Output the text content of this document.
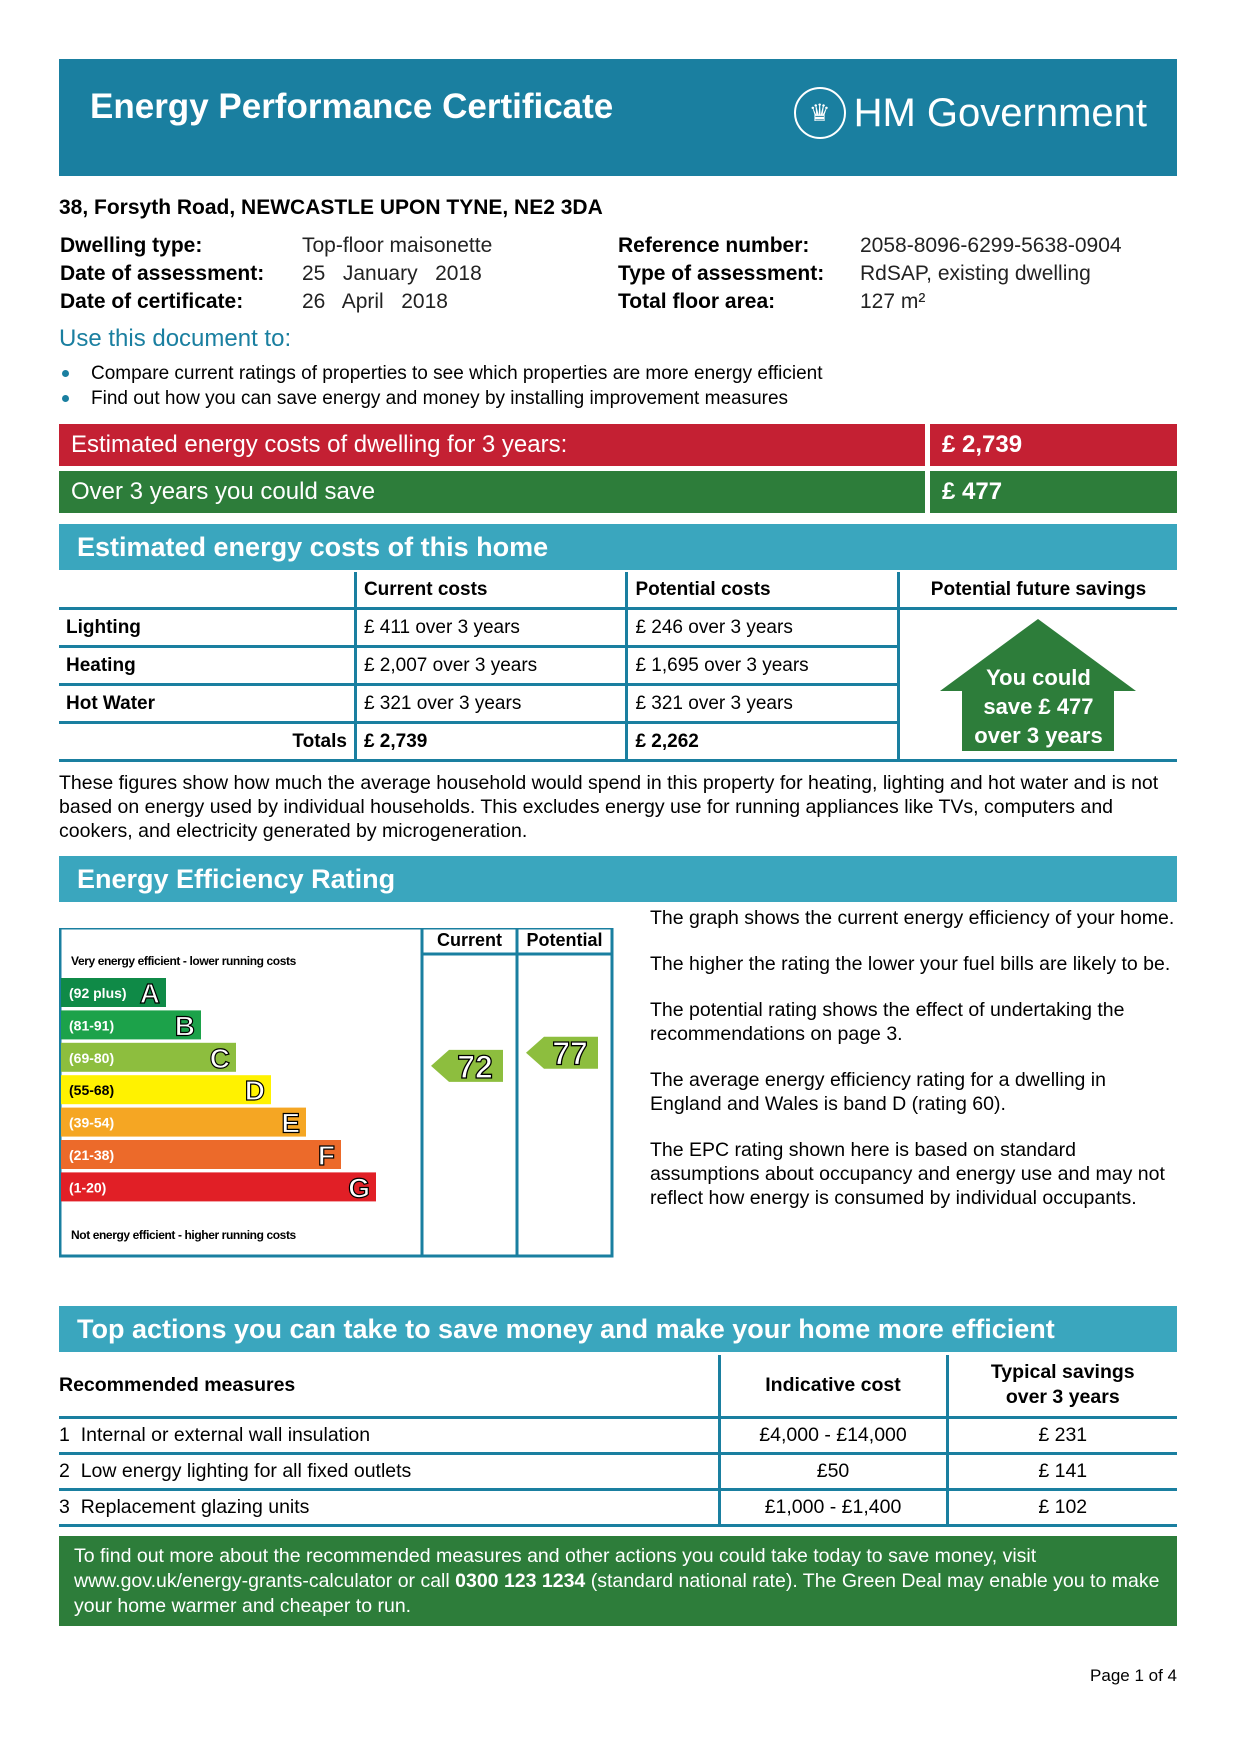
Energy Performance Certificate	♛ HM Government
38, Forsyth Road, NEWCASTLE UPON TYNE, NE2 3DA
Dwelling type:	Top-floor maisonette
Date of assessment: 25   January   2018
Date of certificate:	26   April   2018
Reference number: 2058-8096-6299-5638-0904
Type of assessment: RdSAP, existing dwelling
Total floor area:	127 m²
Use this document to:
Compare current ratings of properties to see which properties are more energy efficient
Find out how you can save energy and money by installing improvement measures
Estimated energy costs of dwelling for 3 years:	£ 2,739
Over 3 years you could save	£ 477
Estimated energy costs of this home
	Current costs	Potential costs	Potential future savings
Lighting	£ 411 over 3 years	£ 246 over 3 years	You could
save £ 477
over 3 years

Heating	£ 2,007 over 3 years	£ 1,695 over 3 years	
Hot Water	£ 321 over 3 years	£ 321 over 3 years	
Totals	£ 2,739	£ 2,262	
These figures show how much the average household would spend in this property for heating, lighting and hot water and is not based on energy used by individual households. This excludes energy use for running appliances like TVs, computers and cookers, and electricity generated by microgeneration.
Energy Efficiency Rating
(92 plus) A
(81-91) B
(69-80)	C
(55-68)	D
(39-54)	E
(21-38)	F
(1-20)	G
72 77
Current	Potential
Very energy efficient - lower running costs
Not energy efficient - higher running costs

The graph shows the current energy efficiency of your home.

The higher the rating the lower your fuel bills are likely to be.

The potential rating shows the effect of undertaking the recommendations on page 3.

The average energy efficiency rating for a dwelling in England and Wales is band D (rating 60).

The EPC rating shown here is based on standard assumptions about occupancy and energy use and may not reflect how energy is consumed by individual occupants.

Top actions you can take to save money and make your home more efficient
Recommended measures	Indicative cost	Typical savings
over 3 years

1 Internal or external wall insulation	£4,000 - £14,000	£ 231
2 Low energy lighting for all fixed outlets	£50	£ 141
3 Replacement glazing units	£1,000 - £1,400	£ 102
To find out more about the recommended measures and other actions you could take today to save money, visit www.gov.uk/energy-grants-calculator or call 0300 123 1234 (standard national rate). The Green Deal may enable you to make your home warmer and cheaper to run.
Page 1 of 4
